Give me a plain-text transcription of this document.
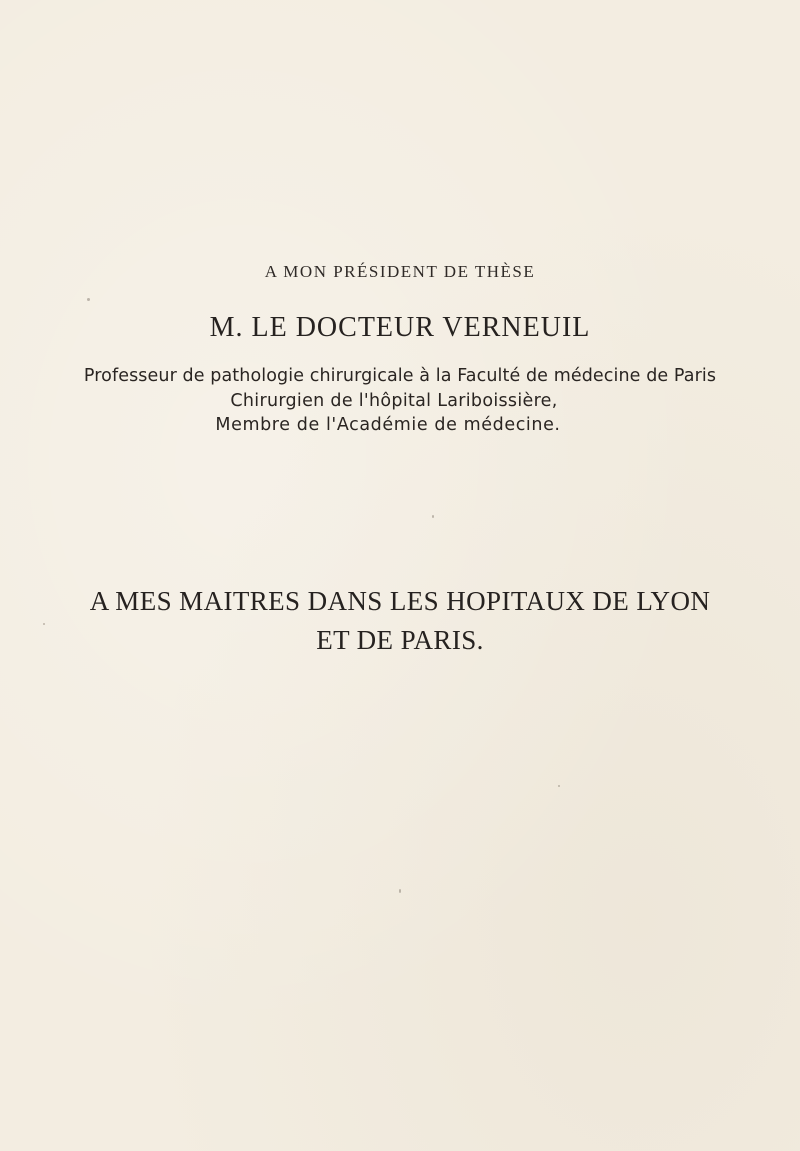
A MON PRÉSIDENT DE THÈSE
M. LE DOCTEUR VERNEUIL
Professeur de pathologie chirurgicale à la Faculté de médecine de Paris
Chirurgien de l'hôpital Lariboissière,
Membre de l'Académie de médecine.
A MES MAITRES DANS LES HOPITAUX DE LYON
ET DE PARIS.
